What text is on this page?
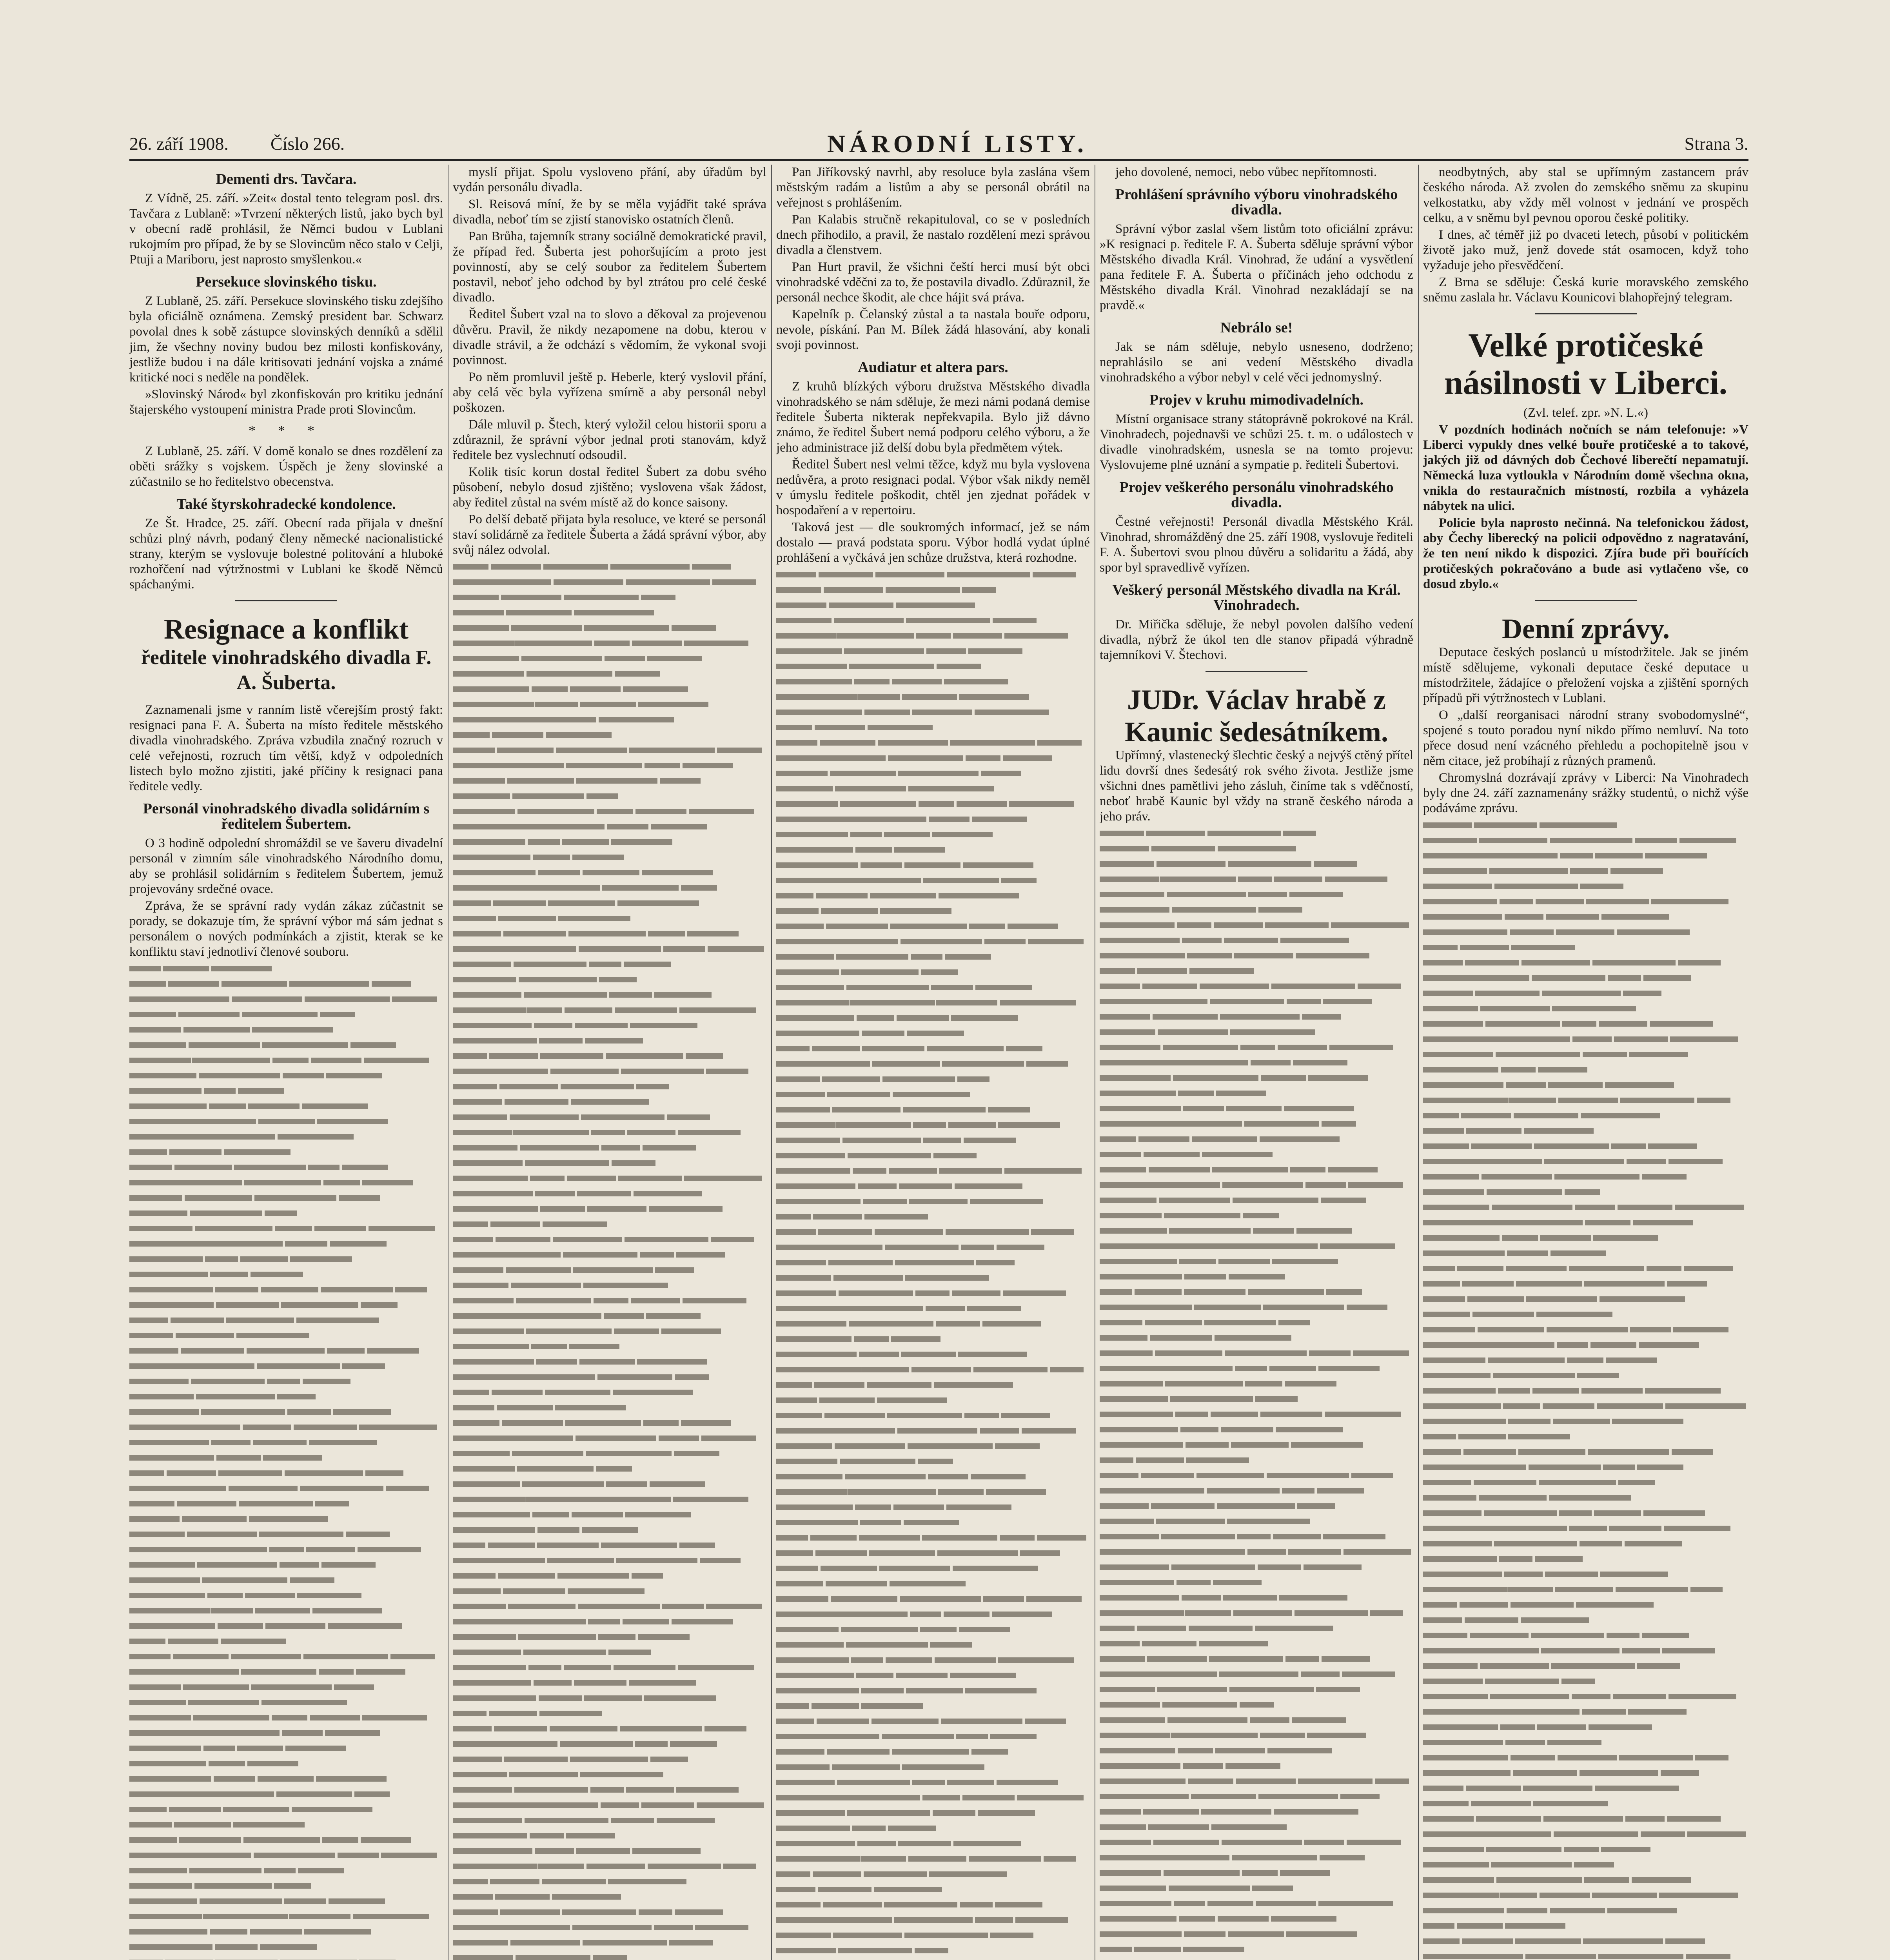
26. září 1908. Číslo 266.	NÁRODNÍ LISTY.	Strana 3.
Dementi drs. Tavčara.

Z Vídně, 25. září. »Zeit« dostal tento telegram posl. drs. Tavčara z Lublaně: »Tvrzení některých listů, jako bych byl v obecní radě prohlásil, že Němci budou v Lublani rukojmím pro případ, že by se Slovincům něco stalo v Celji, Ptuji a Mariboru, jest naprosto smyšlenkou.«

Persekuce slovinského tisku.

Z Lublaně, 25. září. Persekuce slovinského tisku zdejšího byla oficiálně oznámena. Zemský president bar. Schwarz povolal dnes k sobě zástupce slovinských denníků a sdělil jim, že všechny noviny budou bez milosti konfiskovány, jestliže budou i na dále kritisovati jednání vojska a známé kritické noci s neděle na pondělek.

»Slovinský Národ« byl zkonfiskován pro kritiku jednání štajerského vystoupení ministra Prade proti Slovincům.

* * *

Z Lublaně, 25. září. V domě konalo se dnes rozdělení za oběti srážky s vojskem. Úspěch je ženy slovinské a zúčastnilo se ho ředitelstvo obecenstva.

Také štyrskohradecké kondolence.

Ze Št. Hradce, 25. září. Obecní rada přijala v dnešní schůzi plný návrh, podaný členy německé nacionalistické strany, kterým se vyslovuje bolestné politování a hluboké rozhořčení nad výtržnostmi v Lublani ke škodě Němců spáchanými.

Resignace a konflikt
ředitele vinohradského divadla F. A. Šuberta.

Zaznamenali jsme v ranním listě včerejším prostý fakt: resignaci pana F. A. Šuberta na místo ředitele městského divadla vinohradského. Zpráva vzbudila značný rozruch v celé veřejnosti, rozruch tím větší, když v odpoledních listech bylo možno zjistiti, jaké příčiny k resignaci pana ředitele vedly.

Personál vinohradského divadla solidárním s ředitelem Šubertem.

O 3 hodině odpolední shromáždil se ve šaveru divadelní personál v zimním sále vinohradského Národního domu, aby se prohlásil solidárním s ředitelem Šubertem, jemuž projevovány srdečné ovace.

Zpráva, že se správní rady vydán zákaz zúčastnit se porady, se dokazuje tím, že správní výbor má sám jednat s personálem o nových podmínkách a zjistit, kterak se ke konfliktu staví jednotliví členové souboru.

myslí přijat. Spolu vysloveno přání, aby úřadům byl vydán personálu divadla.

Sl. Reisová míní, že by se měla vyjádřit také správa divadla, neboť tím se zjistí stanovisko ostatních členů.

Pan Brůha, tajemník strany sociálně demokratické pravil, že případ řed. Šuberta jest pohoršujícím a proto jest povinností, aby se celý soubor za ředitelem Šubertem postavil, neboť jeho odchod by byl ztrátou pro celé české divadlo.

Ředitel Šubert vzal na to slovo a děkoval za projevenou důvěru. Pravil, že nikdy nezapomene na dobu, kterou v divadle strávil, a že odchází s vědomím, že vykonal svoji povinnost.

Po něm promluvil ještě p. Heberle, který vyslovil přání, aby celá věc byla vyřízena smírně a aby personál nebyl poškozen.

Dále mluvil p. Štech, který vyložil celou historii sporu a zdůraznil, že správní výbor jednal proti stanovám, když ředitele bez vyslechnutí odsoudil.

Kolik tisíc korun dostal ředitel Šubert za dobu svého působení, nebylo dosud zjištěno; vyslovena však žádost, aby ředitel zůstal na svém místě až do konce saisony.

Po delší debatě přijata byla resoluce, ve které se personál staví solidárně za ředitele Šuberta a žádá správní výbor, aby svůj nález odvolal.

Pan Jiříkovský navrhl, aby resoluce byla zaslána všem městským radám a listům a aby se personál obrátil na veřejnost s prohlášením.

Pan Kalabis stručně rekapituloval, co se v posledních dnech přihodilo, a pravil, že nastalo rozdělení mezi správou divadla a členstvem.

Pan Hurt pravil, že všichni čeští herci musí být obci vinohradské vděčni za to, že postavila divadlo. Zdůraznil, že personál nechce škodit, ale chce hájit svá práva.

Kapelník p. Čelanský zůstal a ta nastala bouře odporu, nevole, pískání. Pan M. Bílek žádá hlasování, aby konali svoji povinnost.

Audiatur et altera pars.

Z kruhů blízkých výboru družstva Městského divadla vinohradského se nám sděluje, že mezi námi podaná demise ředitele Šuberta nikterak nepřekvapila. Bylo již dávno známo, že ředitel Šubert nemá podporu celého výboru, a že jeho administrace již delší dobu byla předmětem výtek.

Ředitel Šubert nesl velmi těžce, když mu byla vyslovena nedůvěra, a proto resignaci podal. Výbor však nikdy neměl v úmyslu ředitele poškodit, chtěl jen zjednat pořádek v hospodaření a v repertoiru.

Taková jest — dle soukromých informací, jež se nám dostalo — pravá podstata sporu. Výbor hodlá vydat úplné prohlášení a vyčkává jen schůze družstva, která rozhodne.

jeho dovolené, nemoci, nebo vůbec nepřítomnosti.

Prohlášení správního výboru vinohradského divadla.

Správní výbor zaslal všem listům toto oficiální zprávu: »K resignaci p. ředitele F. A. Šuberta sděluje správní výbor Městského divadla Král. Vinohrad, že udání a vysvětlení pana ředitele F. A. Šuberta o příčinách jeho odchodu z Městského divadla Král. Vinohrad nezakládají se na pravdě.«

Nebrálo se!

Jak se nám sděluje, nebylo usneseno, dodrženo; neprahlásilo se ani vedení Městského divadla vinohradského a výbor nebyl v celé věci jednomyslný.

Projev v kruhu mimodivadelních.

Místní organisace strany státoprávně pokrokové na Král. Vinohradech, pojednavši ve schůzi 25. t. m. o událostech v divadle vinohradském, usnesla se na tomto projevu: Vyslovujeme plné uznání a sympatie p. řediteli Šubertovi.

Projev veškerého personálu vinohradského divadla.

Čestné veřejnosti! Personál divadla Městského Král. Vinohrad, shromážděný dne 25. září 1908, vyslovuje řediteli F. A. Šubertovi svou plnou důvěru a solidaritu a žádá, aby spor byl spravedlivě vyřízen.

Veškerý personál Městského divadla na Král. Vinohradech.

Dr. Miřička sděluje, že nebyl povolen dalšího vedení divadla, nýbrž že úkol ten dle stanov připadá výhradně tajemníkovi V. Štechovi.

JUDr. Václav hrabě z Kaunic šedesátníkem.

Upřímný, vlastenecký šlechtic český a nejvýš ctěný přítel lidu dovrší dnes šedesátý rok svého života. Jestliže jsme všichni dnes pamětlivi jeho zásluh, činíme tak s vděčností, neboť hrabě Kaunic byl vždy na straně českého národa a jeho práv.

neodbytných, aby stal se upřímným zastancem práv českého národa. Až zvolen do zemského sněmu za skupinu velkostatku, aby vždy měl volnost v jednání ve prospěch celku, a v sněmu byl pevnou oporou české politiky.

I dnes, ač téměř již po dvaceti letech, působí v politickém životě jako muž, jenž dovede stát osamocen, když toho vyžaduje jeho přesvědčení.

Z Brna se sděluje: Česká kurie moravského zemského sněmu zaslala hr. Václavu Kounicovi blahopřejný telegram.

Velké protičeské násilnosti v Liberci.

(Zvl. telef. zpr. »N. L.«)

V pozdních hodinách nočních se nám telefonuje: »V Liberci vypukly dnes velké bouře protičeské a to takové, jakých již od dávných dob Čechové liberečtí nepamatují. Německá luza vytloukla v Národním domě všechna okna, vnikla do restauračních místností, rozbila a vyházela nábytek na ulici.

Policie byla naprosto nečinná. Na telefonickou žádost, aby Čechy liberecký na policii odpovědno z nagratavání, že ten není nikdo k dispozici. Zjíra bude při bouřících protičeských pokračováno a bude asi vytlačeno vše, co dosud zbylo.«

Denní zprávy.

Deputace českých poslanců u místodržitele. Jak se jiném místě sdělujeme, vykonali deputace české deputace u místodržitele, žádajíce o přeložení vojska a zjištění sporných případů při výtržnostech v Lublani.

O „další reorganisaci národní strany svobodomyslné“, spojené s touto poradou nyní nikdo přímo nemluví. Na toto přece dosud není vzácného přehledu a pochopitelně jsou v něm citace, jež probíhají z různých pramenů.

Chromyslná dozrávají zprávy v Liberci: Na Vinohradech byly dne 24. září zaznamenány srážky studentů, o nichž výše podáváme zprávu.
